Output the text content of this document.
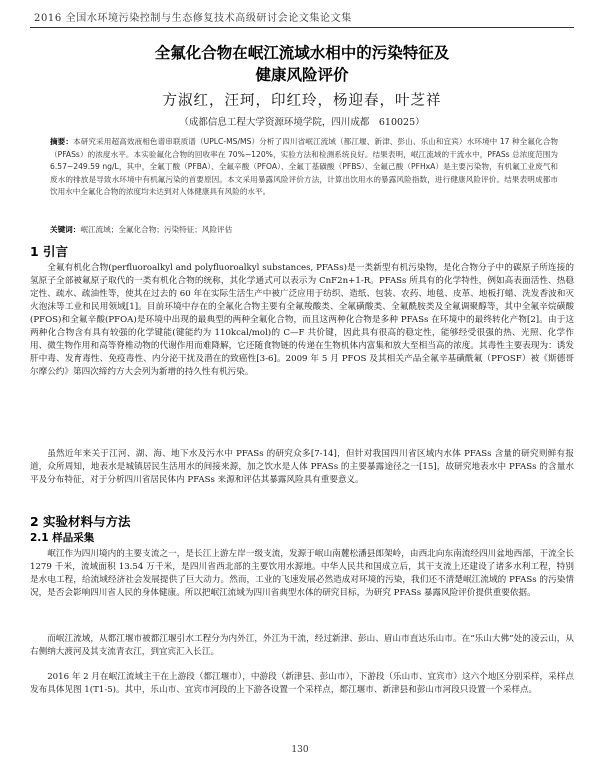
2016 全国水环境污染控制与生态修复技术高级研讨会论文集论文集
全氟化合物在岷江流域水相中的污染特征及
健康风险评价
方淑红，汪珂，印红玲，杨迎春，叶芝祥
（成都信息工程大学资源环境学院，四川成都　610025）
摘要：本研究采用超高效液相色谱串联质谱（UPLC-MS/MS）分析了四川省岷江流域（都江堰、新津、彭山、乐山和宜宾）水环境中 17 种全氟化合物（PFASs）的浓度水平。本实验氟化合物的回收率在 70%~120%，实验方法和检测系统良好。结果表明，岷江流域的干流水中，PFASs 总浓度范围为 6.57~249.59 ng/L，其中，全氟丁酸（PFBA）、全氟辛酸（PFOA）、全氟丁基磺酸（PFBS）、全氟己酸（PFHxA）是主要污染物，有机氟工业废气和废水的排放是导致水环境中有机氟污染的首要原因。本文采用暴露风险评价方法，计算出饮用水的暴露风险指数，进行健康风险评价。结果表明成都市饮用水中全氟化合物的浓度均未达到对人体健康具有风险的水平。
关键词：岷江流域；全氟化合物；污染特征；风险评估
1 引言
全氟有机化合物(perfluoroalkyl and polyfluoroalkyl substances, PFASs)是一类新型有机污染物，是化合物分子中的碳原子所连接的氢原子全部被氟原子取代的一类有机化合物的统称，其化学通式可以表示为 CnF2n+1-R。PFASs 所具有的化学特性，例如高表面活性、热稳定性、疏水、疏油性等，使其在过去的 60 年在实际生活生产中被广泛应用于纺织、造纸、包装、农药、地毯、皮革、地板打蜡、洗发香波和灭火泡沫等工业和民用领域[1]。目前环境中存在的全氟化合物主要有全氟羧酸类、全氟磺酸类、全氟酰胺类及全氟调聚醇等，其中全氟辛烷磺酸(PFOS)和全氟辛酸(PFOA)是环境中出现的最典型的两种全氟化合物，而且这两种化合物是多种 PFASs 在环境中的最终转化产物[2]。由于这两种化合物含有具有较强的化学键能(键能约为 110kcal/mol)的 C—F 共价键，因此具有很高的稳定性，能够经受很强的热、光照、化学作用、微生物作用和高等脊椎动物的代谢作用而难降解，它还随食物链的传递在生物机体内富集和放大至相当高的浓度。其毒性主要表现为：诱发肝中毒、发育毒性、免疫毒性、内分泌干扰及潜在的致癌性[3-6]。2009 年 5 月 PFOS 及其相关产品全氟辛基磺酰氟（PFOSF）被《斯德哥尔摩公约》第四次缔约方大会列为新增的持久性有机污染。
虽然近年来关于江河、湖、海、地下水及污水中 PFASs 的研究众多[7-14]，但针对我国四川省区域内水体 PFASs 含量的研究则鲜有报道，众所周知，地表水是城镇居民生活用水的间接来源，加之饮水是人体 PFASs 的主要暴露途径之一[15]，故研究地表水中 PFASs 的含量水平及分布特征，对于分析四川省居民体内 PFASs 来源和评估其暴露风险具有重要意义。
2 实验材料与方法
2.1 样品采集
岷江作为四川境内的主要支流之一，是长江上游左岸一级支流，发源于岷山南麓松潘县郎架岭，由西北向东南流经四川盆地西部，干流全长 1279 千米，流域面积 13.54 万千米，是四川省西北部的主要饮用水源地。中华人民共和国成立后，其干支流上还建设了诸多水利工程，特别是水电工程，给流域经济社会发展提供了巨大动力。然而，工业的飞速发展必然造成对环境的污染，我们还不清楚岷江流域的 PFASs 的污染情况，是否会影响四川省人民的身体健康。所以把岷江流域为四川省典型水体的研究目标，为研究 PFASs 暴露风险评价提供重要依据。
而岷江流域，从都江堰市被都江堰引水工程分为内外江，外江为干流，经过新津、彭山、眉山市直达乐山市。在“乐山大佛”处的凌云山，从右侧纳大渡河及其支流青衣江，到宜宾汇入长江。
2016 年 2 月在岷江流域主干在上游段（都江堰市），中游段（新津县、彭山市），下游段（乐山市、宜宾市）这六个地区分别采样，采样点发布具体见图 1(T1-5)。其中，乐山市、宜宾市河段的上下游各设置一个采样点，都江堰市、新津县和彭山市河段只设置一个采样点。
130
